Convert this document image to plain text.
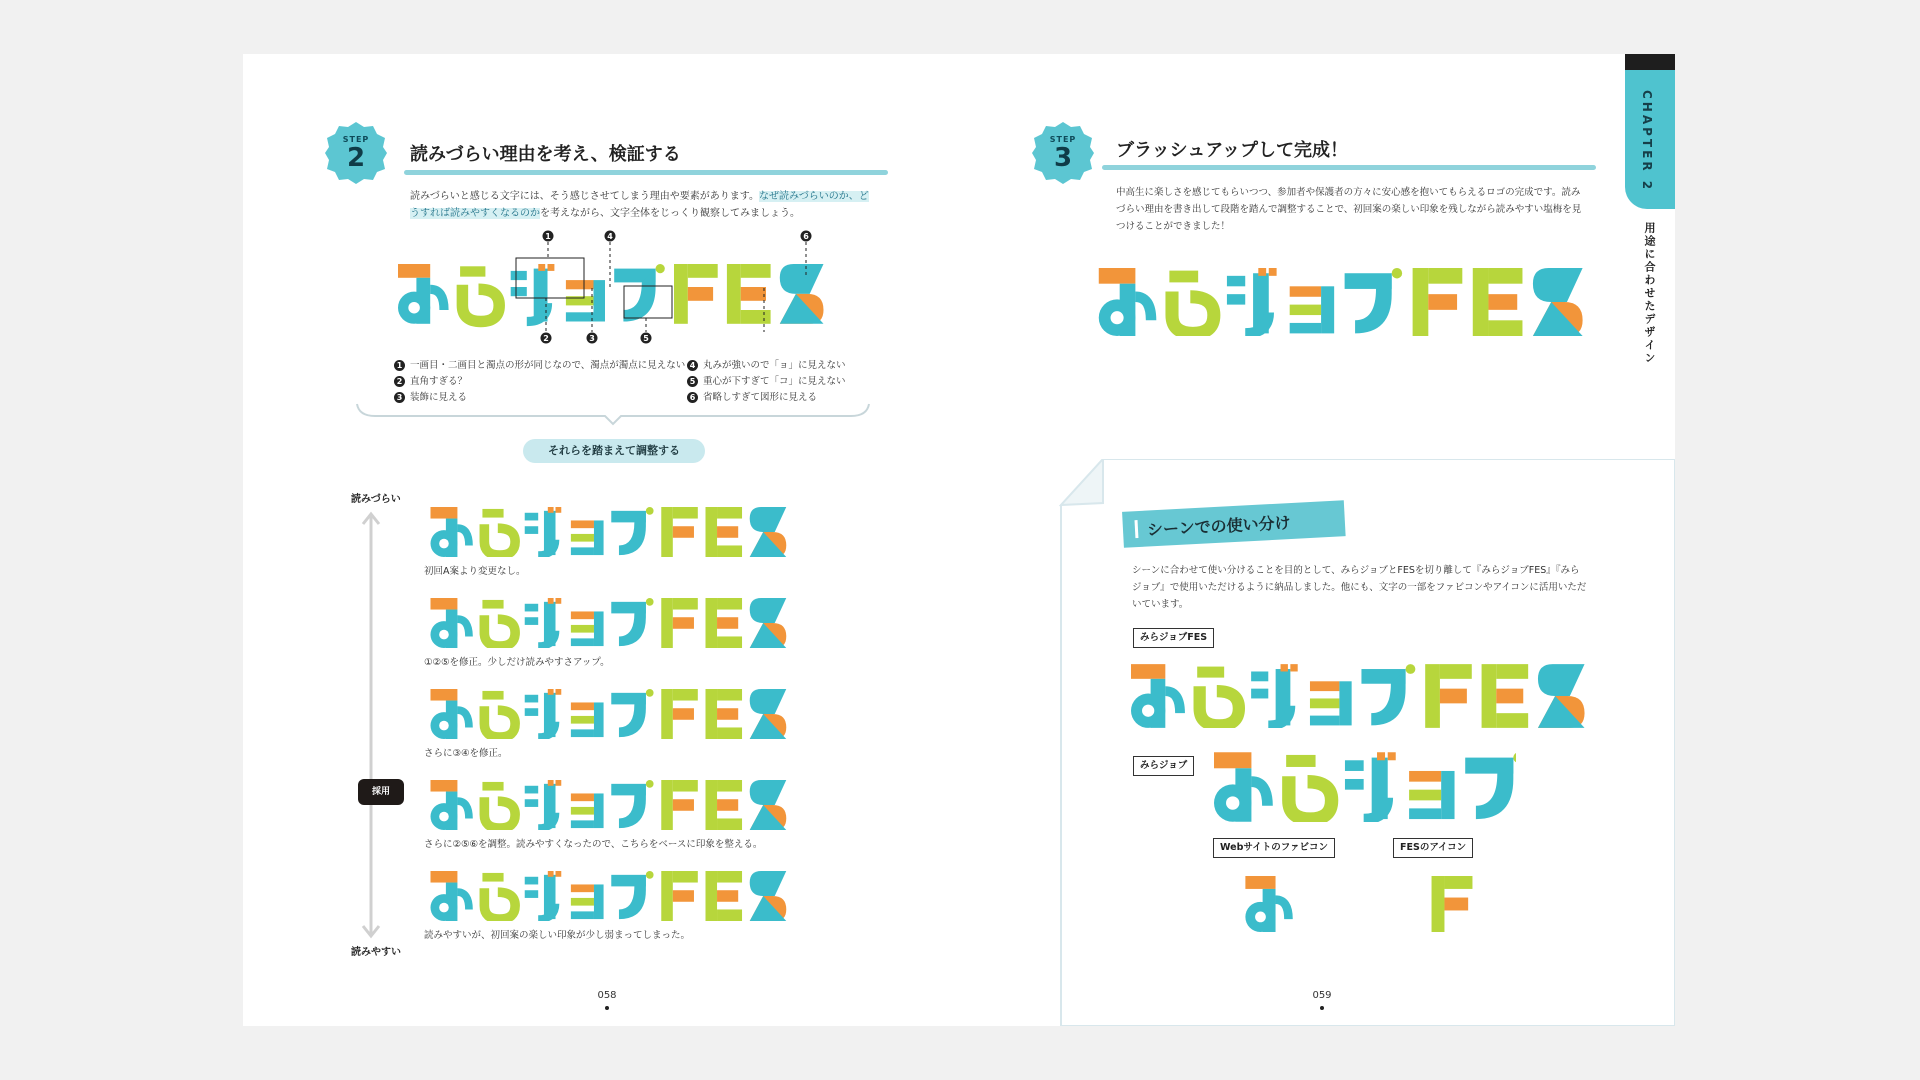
STEP
2	読みづらい理由を考え、検証する
読みづらいと感じる文字には、そう感じさせてしまう理由や要素があります。なぜ読みづらいのか、どうすれば読みやすくなるのかを考えながら、文字全体をじっくり観察してみましょう。
1
2	3
4
5
6
1 一画目・二画目と濁点の形が同じなので、濁点が濁点に見えない
2 直角すぎる？
3 装飾に見える
4 丸みが強いので「ョ」に見えない
5 重心が下すぎて「コ」に見えない
6 省略しすぎて図形に見える
それらを踏まえて調整する
読みづらい
読みやすい
採用
初回A案より変更なし。
①②⑤を修正。少しだけ読みやすさアップ。
さらに③④を修正。
さらに②⑤⑥を調整。読みやすくなったので、こちらをベースに印象を整える。
読みやすいが、初回案の楽しい印象が少し弱まってしまった。
058
STEP
3	ブラッシュアップして完成！
中高生に楽しさを感じてもらいつつ、参加者や保護者の方々に安心感を抱いてもらえるロゴの完成です。読みづらい理由を書き出して段階を踏んで調整することで、初回案の楽しい印象を残しながら読みやすい塩梅を見つけることができました！
CHAPTER 2
用途に合わせたデザイン
シーンでの使い分け
シーンに合わせて使い分けることを目的として、みらジョブとFESを切り離して『みらジョブFES』『みらジョブ』で使用いただけるように納品しました。他にも、文字の一部をファビコンやアイコンに活用いただいています。
みらジョブFES
みらジョブ
Webサイトのファビコン	FESのアイコン
059
